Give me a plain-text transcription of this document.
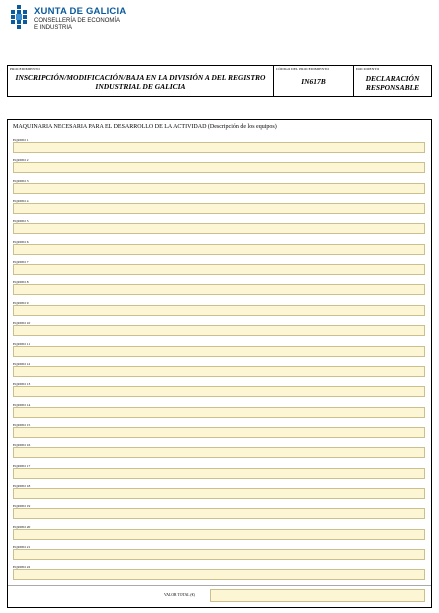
XUNTA DE GALICIA
CONSELLERÍA DE ECONOMÍA
E INDUSTRIA
PROCEDIMIENTO
INSCRIPCIÓN/MODIFICACIÓN/BAJA EN LA DIVISIÓN A DEL REGISTRO INDUSTRIAL DE GALICIA
CÓDIGO DEL PROCEDIMIENTO
IN617B
DOCUMENTO
DECLARACIÓN RESPONSABLE
MAQUINARIA NECESARIA PARA EL DESARROLLO DE LA ACTIVIDAD (Descripción de los equipos)
EQUIPO 1
EQUIPO 2
EQUIPO 3
EQUIPO 4
EQUIPO 5
EQUIPO 6
EQUIPO 7
EQUIPO 8
EQUIPO 9
EQUIPO 10
EQUIPO 11
EQUIPO 12
EQUIPO 13
EQUIPO 14
EQUIPO 15
EQUIPO 16
EQUIPO 17
EQUIPO 18
EQUIPO 19
EQUIPO 20
EQUIPO 21
EQUIPO 22
VALOR TOTAL (€)
